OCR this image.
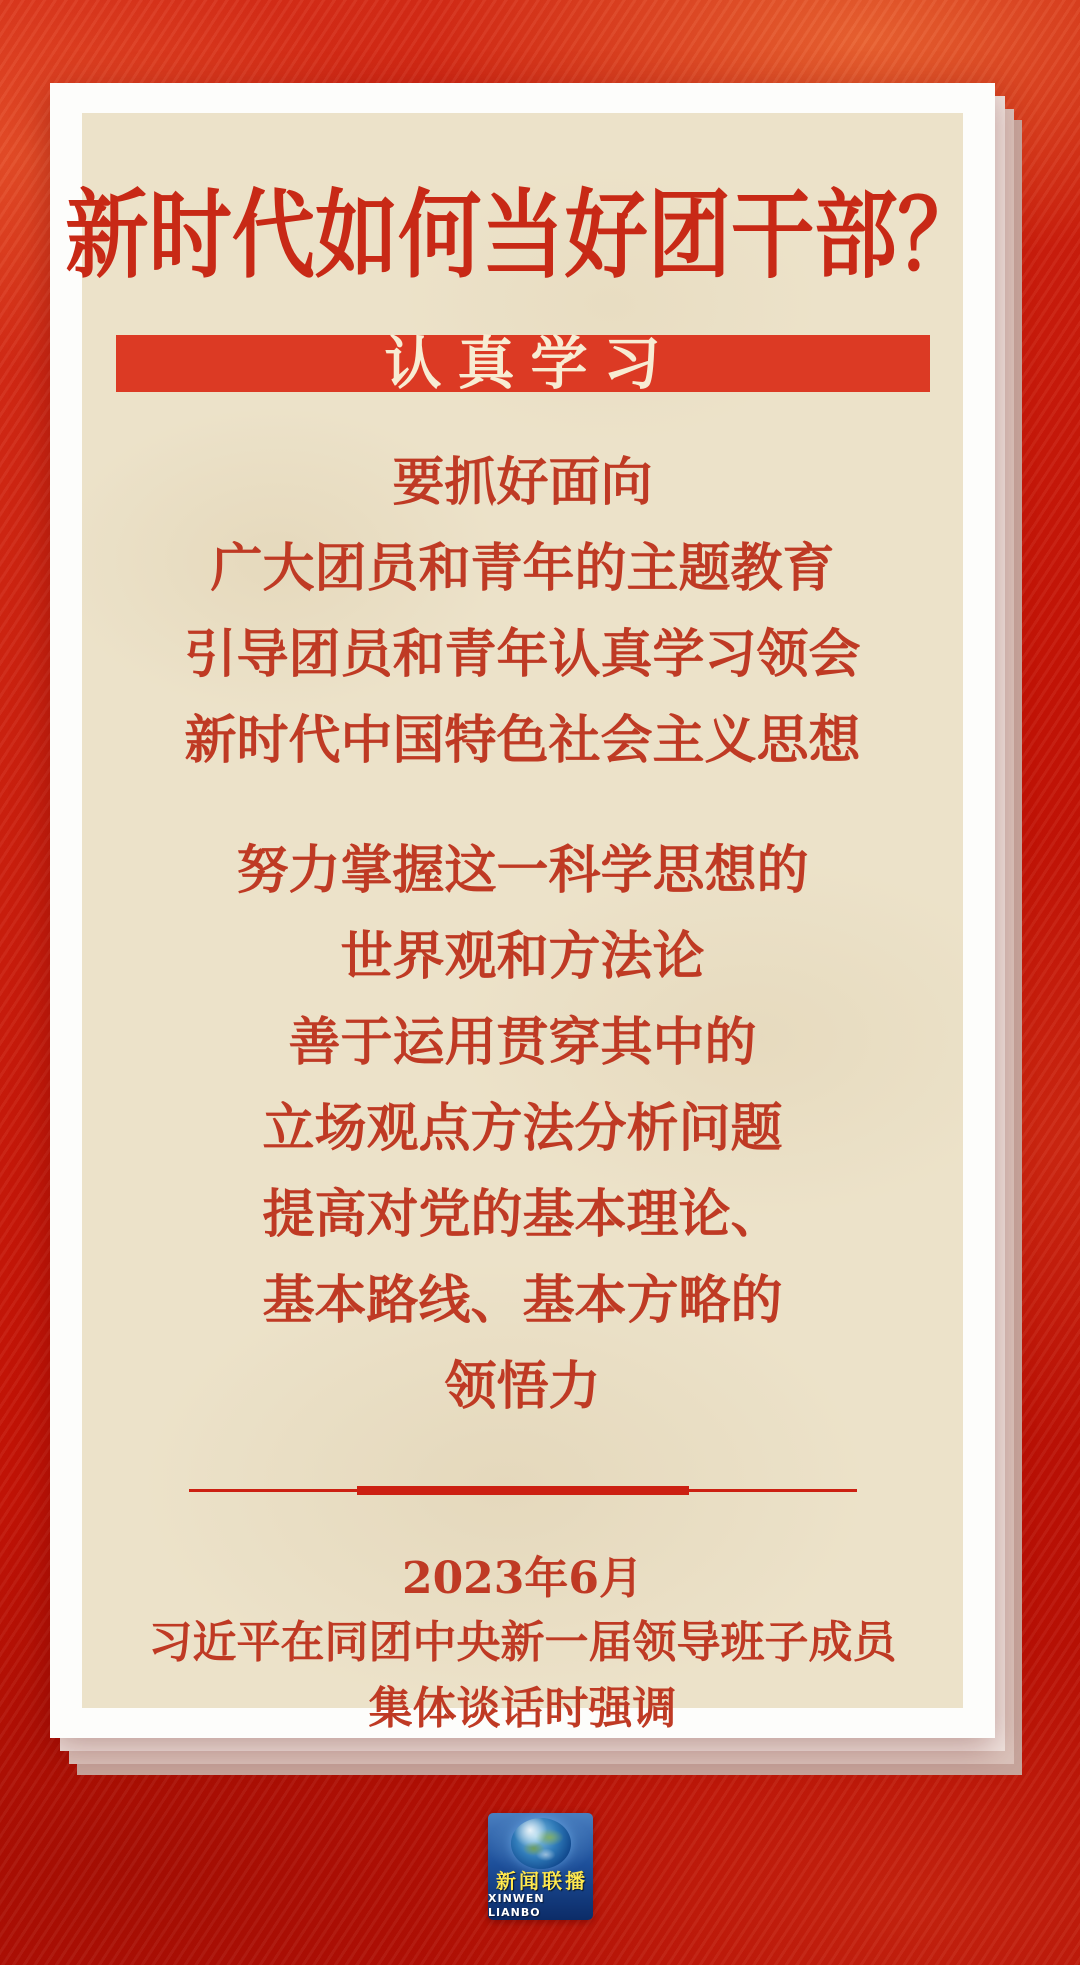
新时代如何当好团干部？
认真学习
要抓好面向
广大团员和青年的主题教育
引导团员和青年认真学习领会
新时代中国特色社会主义思想
努力掌握这一科学思想的
世界观和方法论
善于运用贯穿其中的
立场观点方法分析问题
提高对党的基本理论、
基本路线、基本方略的
领悟力
2023年6月
习近平在同团中央新一届领导班子成员
集体谈话时强调
新闻联播
XINWEN LIANBO
